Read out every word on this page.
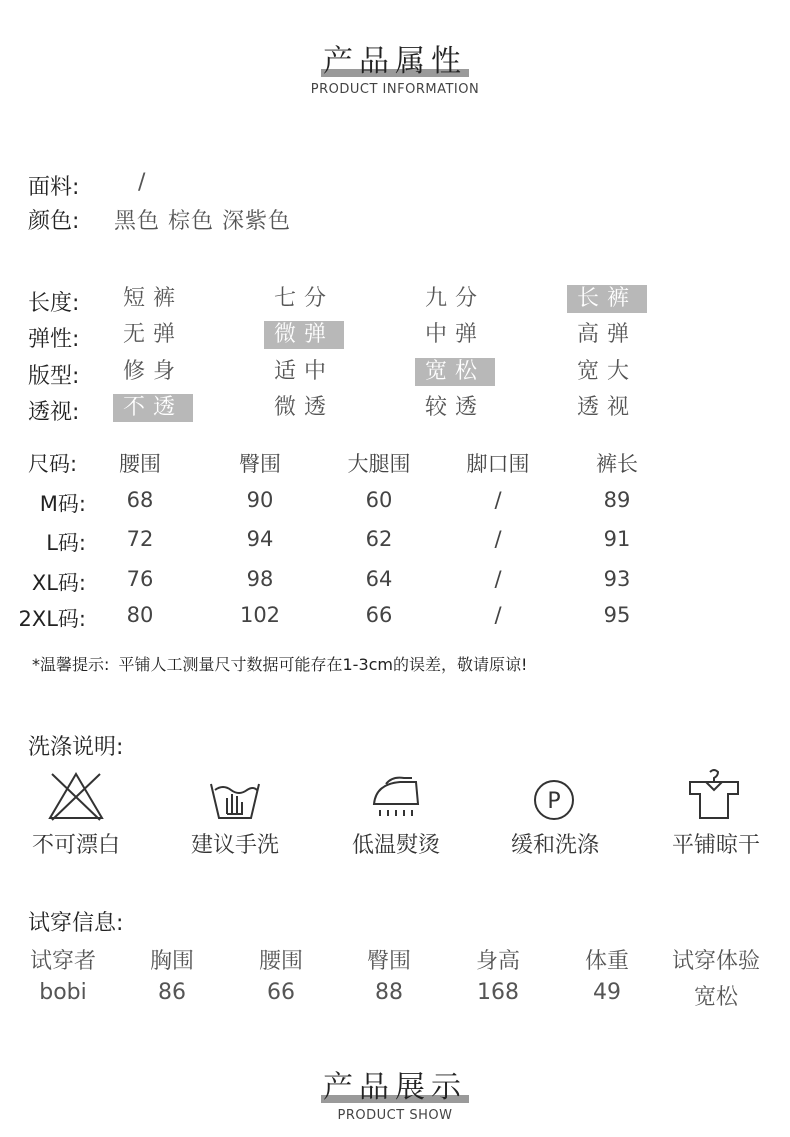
产品属性
PRODUCT INFORMATION
面料:	/
颜色: 黑色 棕色 深紫色
长度:	短裤	七分	九分	长裤
弹性:	无弹	微弹	中弹	高弹
版型:	修身	适中	宽松	宽大
透视:	不透	微透	较透	透视
尺码:	腰围	臀围	大腿围	脚口围	裤长
M码:	68	90	60	/	89
L码:	72	94	62	/	91
XL码:	76	98	64	/	93
2XL码:	80	102	66	/	95
*温馨提示: 平铺人工测量尺寸数据可能存在1-3cm的误差，敬请原谅!
洗涤说明:
P
不可漂白	建议手洗	低温熨烫	缓和洗涤	平铺晾干
试穿信息:
试穿者	胸围	腰围	臀围	身高	体重	试穿体验
bobi	86	66	88	168	49	宽松
产品展示
PRODUCT SHOW
